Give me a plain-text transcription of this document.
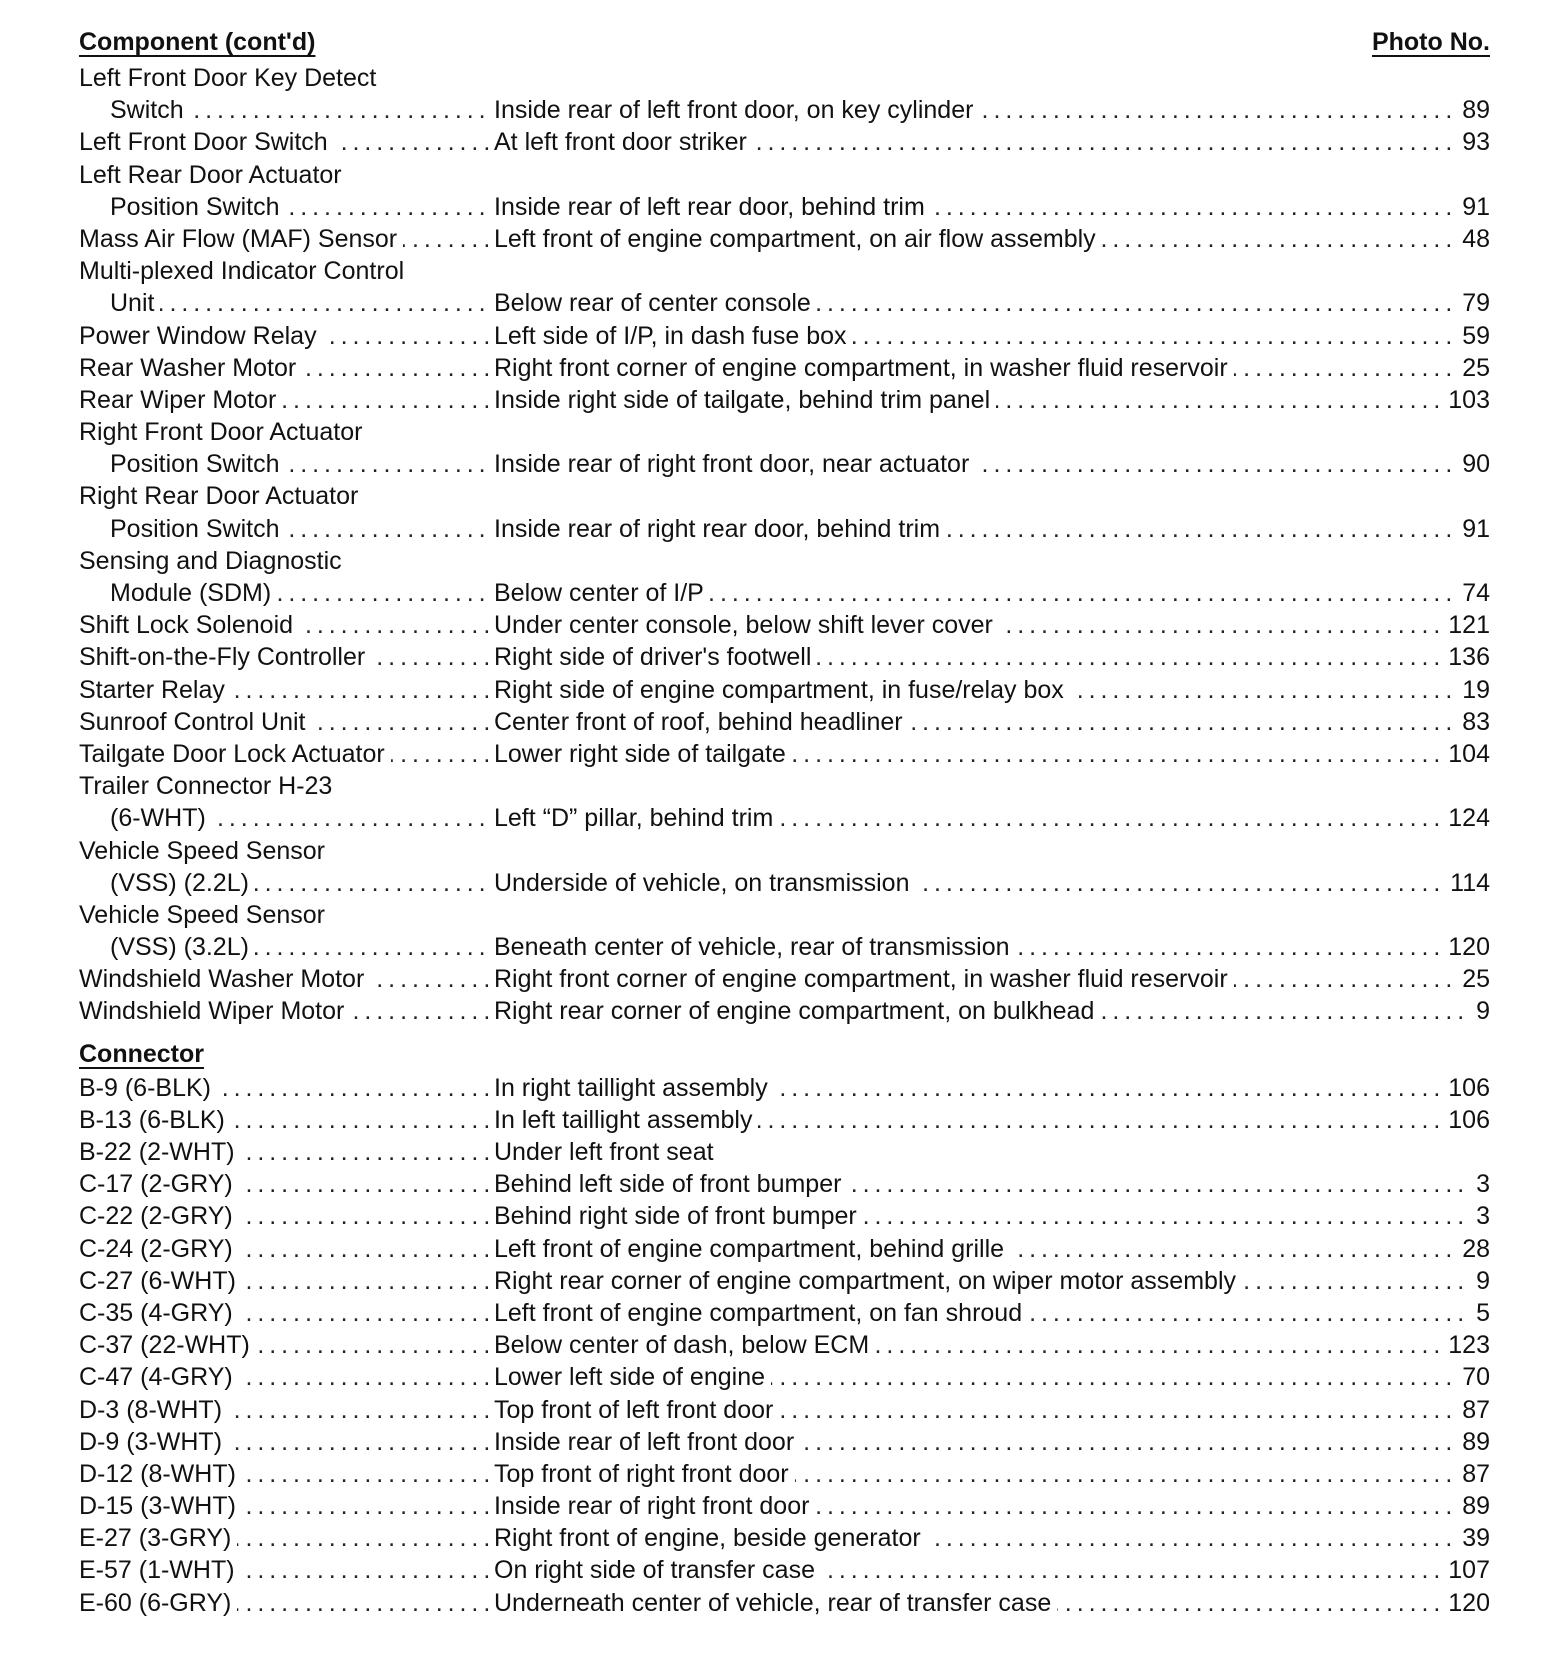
Component (cont'd)	Photo No.
Left Front Door Key Detect
Switch . . .	Inside rear of left front door, on key cylinder	89
. . .
Left Front Door Switch . . .	At left front door striker	93
. . .
Left Rear Door Actuator
Position Switch . . .	Inside rear of left rear door, behind trim	91
. . .
Mass Air Flow (MAF) Sensor . . .	Left front of engine compartment, on air flow assembly	48
. . .
Multi-plexed Indicator Control
Unit . . .	Below rear of center console	79
. . .
Power Window Relay . . .	Left side of I/P, in dash fuse box	59
. . .
Rear Washer Motor . . .	Right front corner of engine compartment, in washer fluid reservoir	25
. . .
Rear Wiper Motor . . .	Inside right side of tailgate, behind trim panel	103
. . .
Right Front Door Actuator
Position Switch . . .	Inside rear of right front door, near actuator	90
. . .
Right Rear Door Actuator
Position Switch . . .	Inside rear of right rear door, behind trim	91
. . .
Sensing and Diagnostic
Module (SDM) . . .	Below center of I/P	74
. . .
Shift Lock Solenoid . . .	Under center console, below shift lever cover	121
. . .
Shift-on-the-Fly Controller . . .	Right side of driver's footwell	136
. . .
Starter Relay . . .	Right side of engine compartment, in fuse/relay box	19
. . .
Sunroof Control Unit . . .	Center front of roof, behind headliner	83
. . .
Tailgate Door Lock Actuator . . .	Lower right side of tailgate	104
. . .
Trailer Connector H-23
(6-WHT) . . .	Left “D” pillar, behind trim	124
. . .
Vehicle Speed Sensor
(VSS) (2.2L) . . .	Underside of vehicle, on transmission	114
. . .
Vehicle Speed Sensor
(VSS) (3.2L) . . .	Beneath center of vehicle, rear of transmission	120
. . .
Windshield Washer Motor . . .	Right front corner of engine compartment, in washer fluid reservoir	25
. . .
Windshield Wiper Motor . . .	Right rear corner of engine compartment, on bulkhead	9
. . .
Connector
B-9 (6-BLK) . . .	In right taillight assembly	106
. . .
B-13 (6-BLK) . . .	In left taillight assembly	106
. . .
B-22 (2-WHT) . . .	Under left front seat
C-17 (2-GRY) . . .	Behind left side of front bumper	3
. . .
C-22 (2-GRY) . . .	Behind right side of front bumper	3
. . .
C-24 (2-GRY) . . .	Left front of engine compartment, behind grille	28
. . .
C-27 (6-WHT) . . .	Right rear corner of engine compartment, on wiper motor assembly	9
. . .
C-35 (4-GRY) . . .	Left front of engine compartment, on fan shroud	5
. . .
C-37 (22-WHT) . . .	Below center of dash, below ECM	123
. . .
C-47 (4-GRY) . . .	Lower left side of engine	70
. . .
D-3 (8-WHT) . . .	Top front of left front door	87
. . .
D-9 (3-WHT) . . .	Inside rear of left front door	89
. . .
D-12 (8-WHT) . . .	Top front of right front door	87
. . .
D-15 (3-WHT) . . .	Inside rear of right front door	89
. . .
E-27 (3-GRY) . . .	Right front of engine, beside generator	39
. . .
E-57 (1-WHT) . . .	On right side of transfer case	107
. . .
E-60 (6-GRY) . . .	Underneath center of vehicle, rear of transfer case	120
. . .
